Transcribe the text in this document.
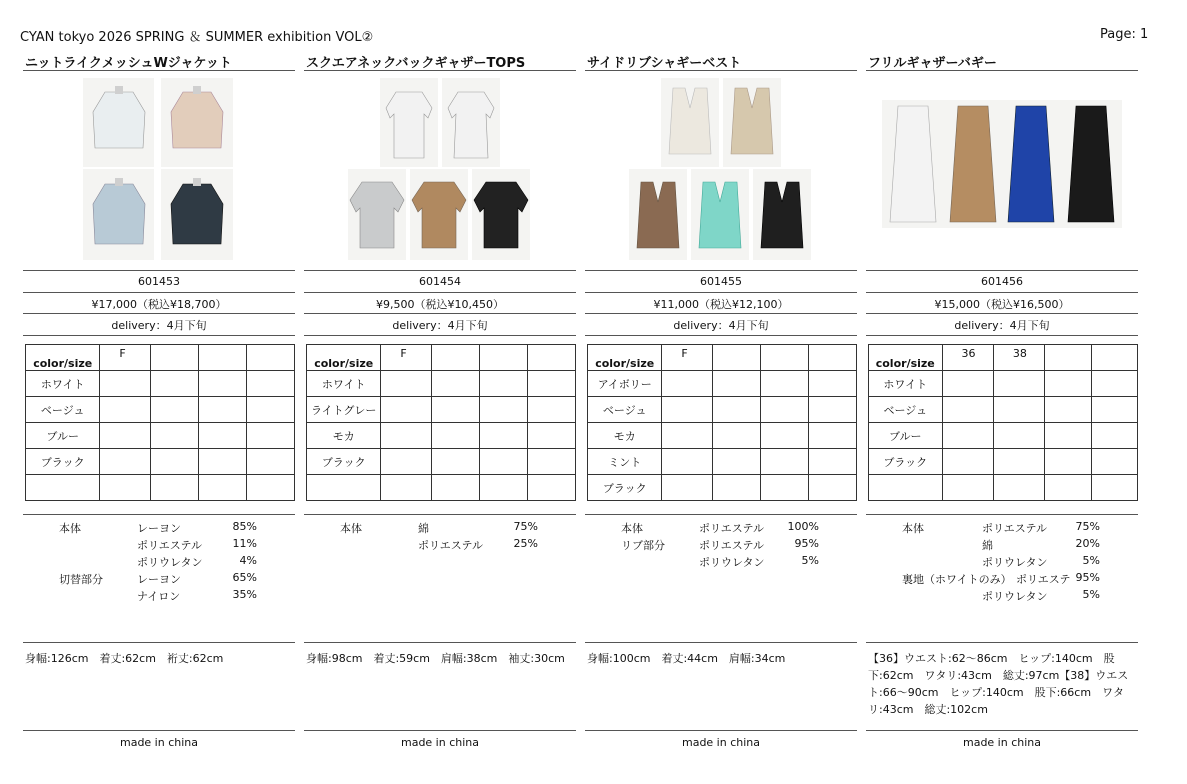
CYAN tokyo 2026 SPRING ＆ SUMMER exhibition VOL②	Page: 1
ニットライクメッシュWジャケット
601453
¥17,000（税込¥18,700）
delivery：4月下旬
color/size	F			
ホワイト				
ベージュ				
ブルー				
ブラック				

本体	レーヨン	85%
ポリエステル	11%
ポリウレタン	4%
切替部分	レーヨン	65%
ナイロン	35%
身幅:126cm　着丈:62cm　裄丈:62cm
made in china
スクエアネックバックギャザーTOPS
601454
¥9,500（税込¥10,450）
delivery：4月下旬
color/size	F			
ホワイト				
ライトグレー				
モカ				
ブラック				

本体	綿	75%
ポリエステル	25%
身幅:98cm　着丈:59cm　肩幅:38cm　袖丈:30cm
made in china
サイドリブシャギーベスト
601455
¥11,000（税込¥12,100）
delivery：4月下旬
color/size	F			
アイボリー				
ベージュ				
モカ				
ミント				
ブラック				
本体	ポリエステル 100%
リブ部分	ポリエステル	95%
ポリウレタン	5%
身幅:100cm　着丈:44cm　肩幅:34cm
made in china
フリルギャザーバギー
601456
¥15,000（税込¥16,500）
delivery：4月下旬
color/size	36	38		
ホワイト				
ベージュ				
ブルー				
ブラック				

本体	ポリエステル	75%
綿	20%
ポリウレタン	5%
裏地（ホワイトのみ） ポリエステ 95%
ポリウレタン	5%
【36】ウエスト:62～86cm　ヒップ:140cm　股下:62cm　ワタリ:43cm　総丈:97cm【38】ウエスト:66～90cm　ヒップ:140cm　股下:66cm　ワタリ:43cm　総丈:102cm
made in china
